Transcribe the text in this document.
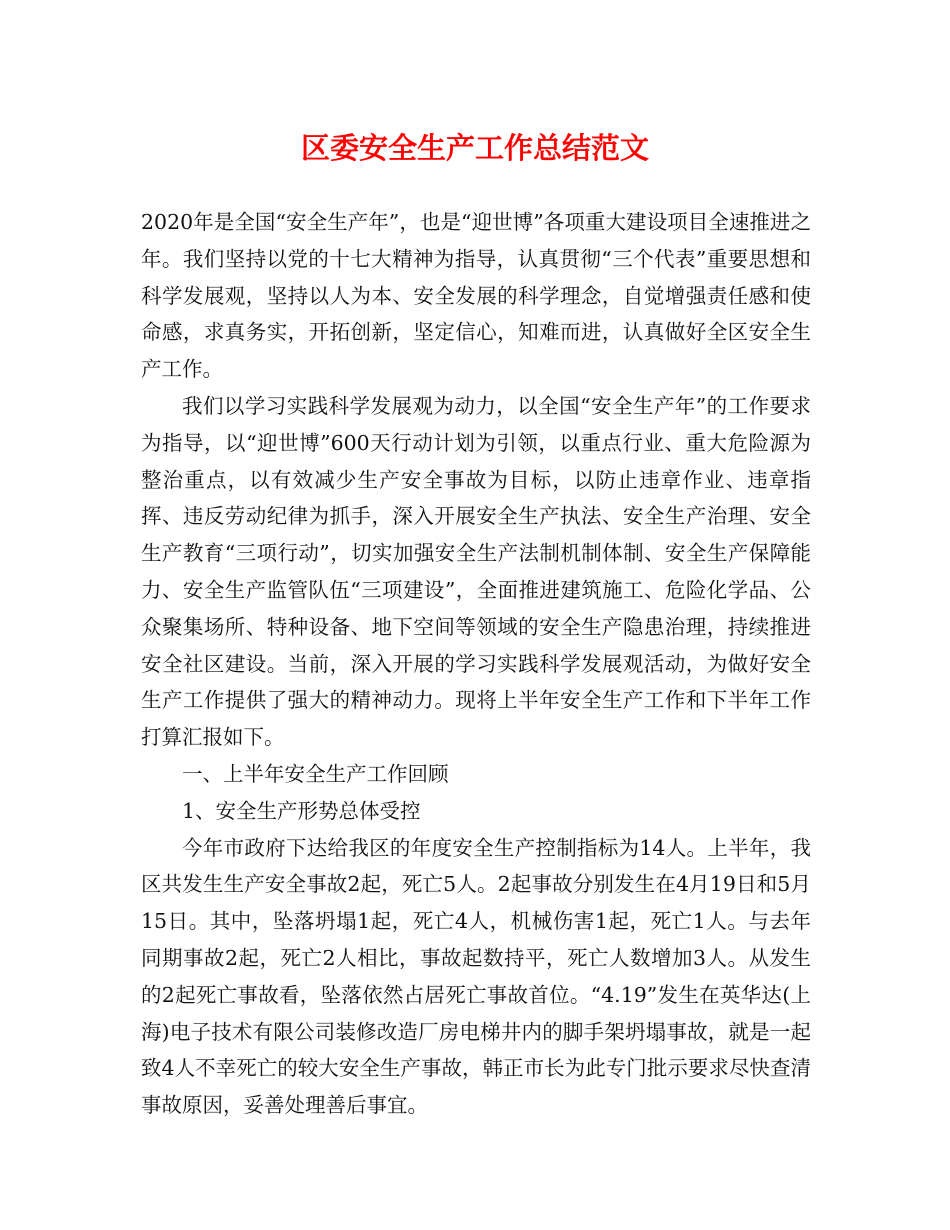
区委安全生产工作总结范文

2020年是全国“安全生产年”，也是“迎世博”各项重大建设项目全速推进之年。我们坚持以党的十七大精神为指导，认真贯彻“三个代表”重要思想和科学发展观，坚持以人为本、安全发展的科学理念，自觉增强责任感和使命感，求真务实，开拓创新，坚定信心，知难而进，认真做好全区安全生产工作。

我们以学习实践科学发展观为动力，以全国“安全生产年”的工作要求为指导，以“迎世博”600天行动计划为引领，以重点行业、重大危险源为整治重点，以有效减少生产安全事故为目标，以防止违章作业、违章指挥、违反劳动纪律为抓手，深入开展安全生产执法、安全生产治理、安全生产教育“三项行动”，切实加强安全生产法制机制体制、安全生产保障能力、安全生产监管队伍“三项建设”，全面推进建筑施工、危险化学品、公众聚集场所、特种设备、地下空间等领域的安全生产隐患治理，持续推进安全社区建设。当前，深入开展的学习实践科学发展观活动，为做好安全生产工作提供了强大的精神动力。现将上半年安全生产工作和下半年工作打算汇报如下。

一、上半年安全生产工作回顾

1、安全生产形势总体受控

今年市政府下达给我区的年度安全生产控制指标为14人。上半年，我区共发生生产安全事故2起，死亡5人。2起事故分别发生在4月19日和5月15日。其中，坠落坍塌1起，死亡4人，机械伤害1起，死亡1人。与去年同期事故2起，死亡2人相比，事故起数持平，死亡人数增加3人。从发生的2起死亡事故看，坠落依然占居死亡事故首位。“4.19”发生在英华达(上海)电子技术有限公司装修改造厂房电梯井内的脚手架坍塌事故，就是一起致4人不幸死亡的较大安全生产事故，韩正市长为此专门批示要求尽快查清事故原因，妥善处理善后事宜。
